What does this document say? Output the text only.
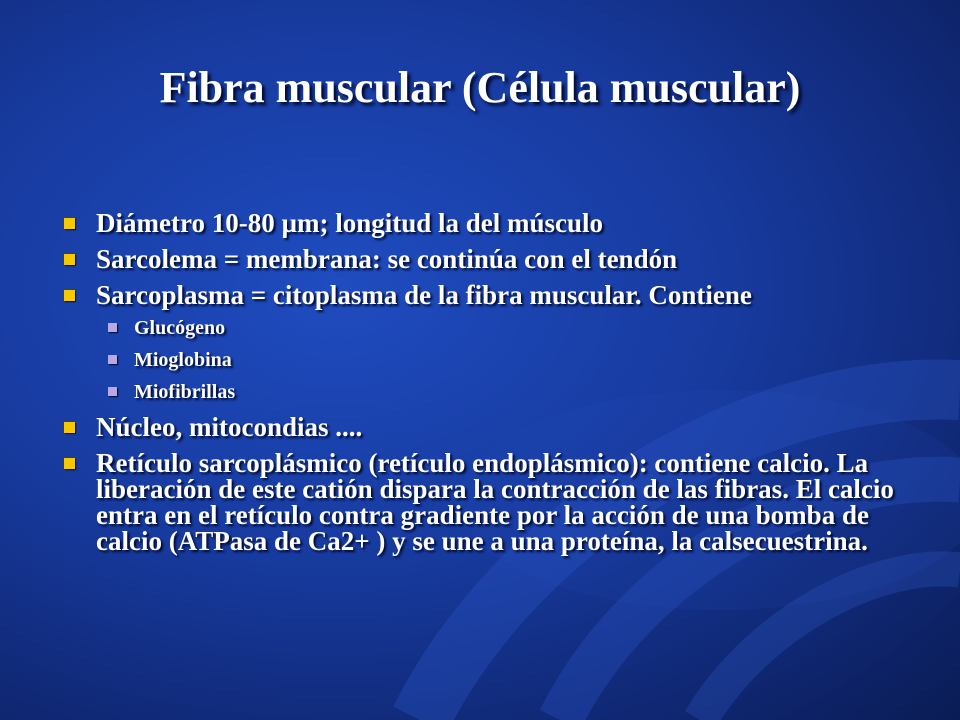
Fibra muscular (Célula muscular)
Diámetro 10-80 µm; longitud la del músculo
Sarcolema = membrana: se continúa con el tendón
Sarcoplasma = citoplasma de la fibra muscular. Contiene
Glucógeno
Mioglobina
Miofibrillas
Núcleo, mitocondias ....
Retículo sarcoplásmico (retículo endoplásmico): contiene calcio. La liberación de este catión dispara la contracción de las fibras. El calcio entra en el retículo contra gradiente por la acción de una bomba de calcio (ATPasa de Ca2+ ) y se une a una proteína, la calsecuestrina.
